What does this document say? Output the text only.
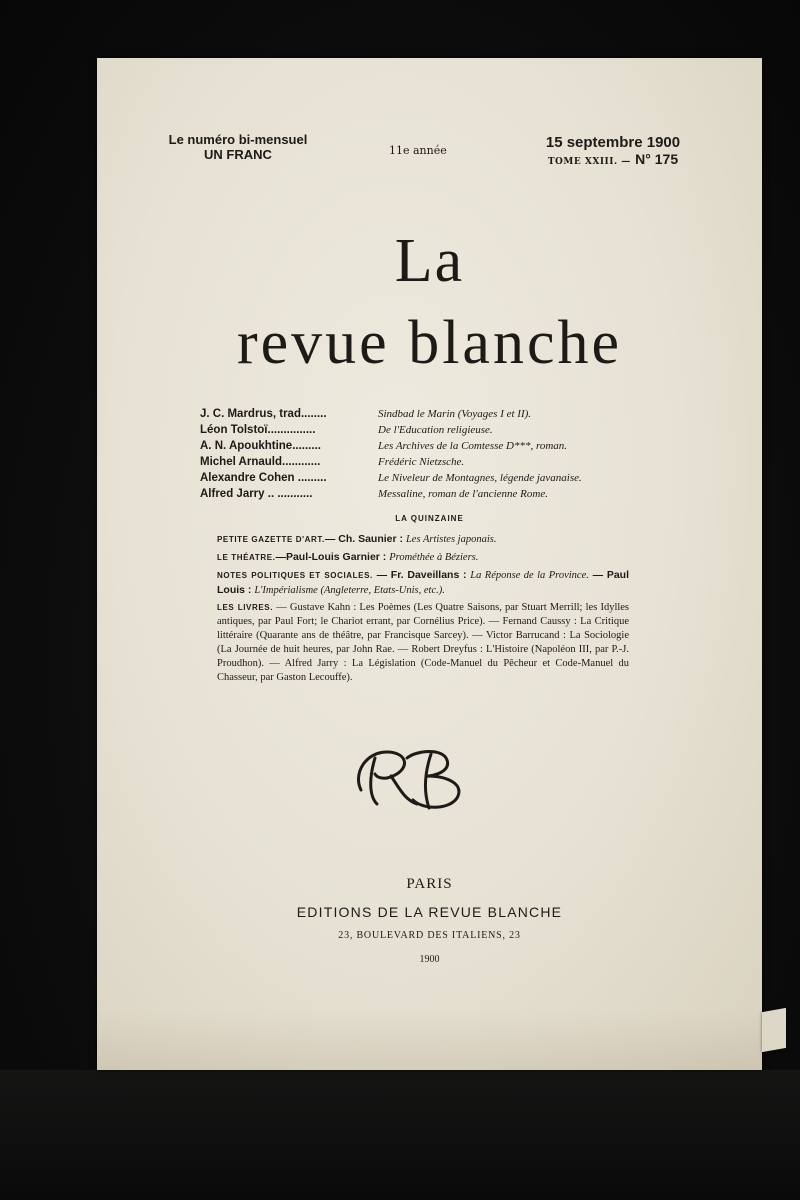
Le numéro bi-mensuel
UN FRANC	11e année	15 septembre 1900
TOME XXIII. — N° 175
La
revue blanche
J. C. Mardrus, trad........	Sindbad le Marin (Voyages I et II).
Léon Tolstoï...............	De l'Education religieuse.
A. N. Apoukhtine.........	Les Archives de la Comtesse D***, roman.
Michel Arnauld............	Frédéric Nietzsche.
Alexandre Cohen .........	Le Niveleur de Montagnes, légende javanaise.
Alfred Jarry .. ...........	Messaline, roman de l'ancienne Rome.
LA QUINZAINE

PETITE GAZETTE D'ART.— Ch. Saunier : Les Artistes japonais.

LE THÉATRE.—Paul-Louis Garnier : Prométhée à Béziers.

NOTES POLITIQUES ET SOCIALES. — Fr. Daveillans : La Réponse de la Province. — Paul Louis : L'Impérialisme (Angleterre, Etats-Unis, etc.).

LES LIVRES. — Gustave Kahn : Les Poèmes (Les Quatre Saisons, par Stuart Merrill; les Idylles antiques, par Paul Fort; le Chariot errant, par Cornélius Price). — Fernand Caussy : La Critique littéraire (Quarante ans de théâtre, par Francisque Sarcey). — Victor Barrucand : La Sociologie (La Journée de huit heures, par John Rae. — Robert Dreyfus : L'Histoire (Napoléon III, par P.-J. Proudhon). — Alfred Jarry : La Législation (Code-Manuel du Pêcheur et Code-Manuel du Chasseur, par Gaston Lecouffe).

PARIS
EDITIONS DE LA REVUE BLANCHE
23, BOULEVARD DES ITALIENS, 23
1900
